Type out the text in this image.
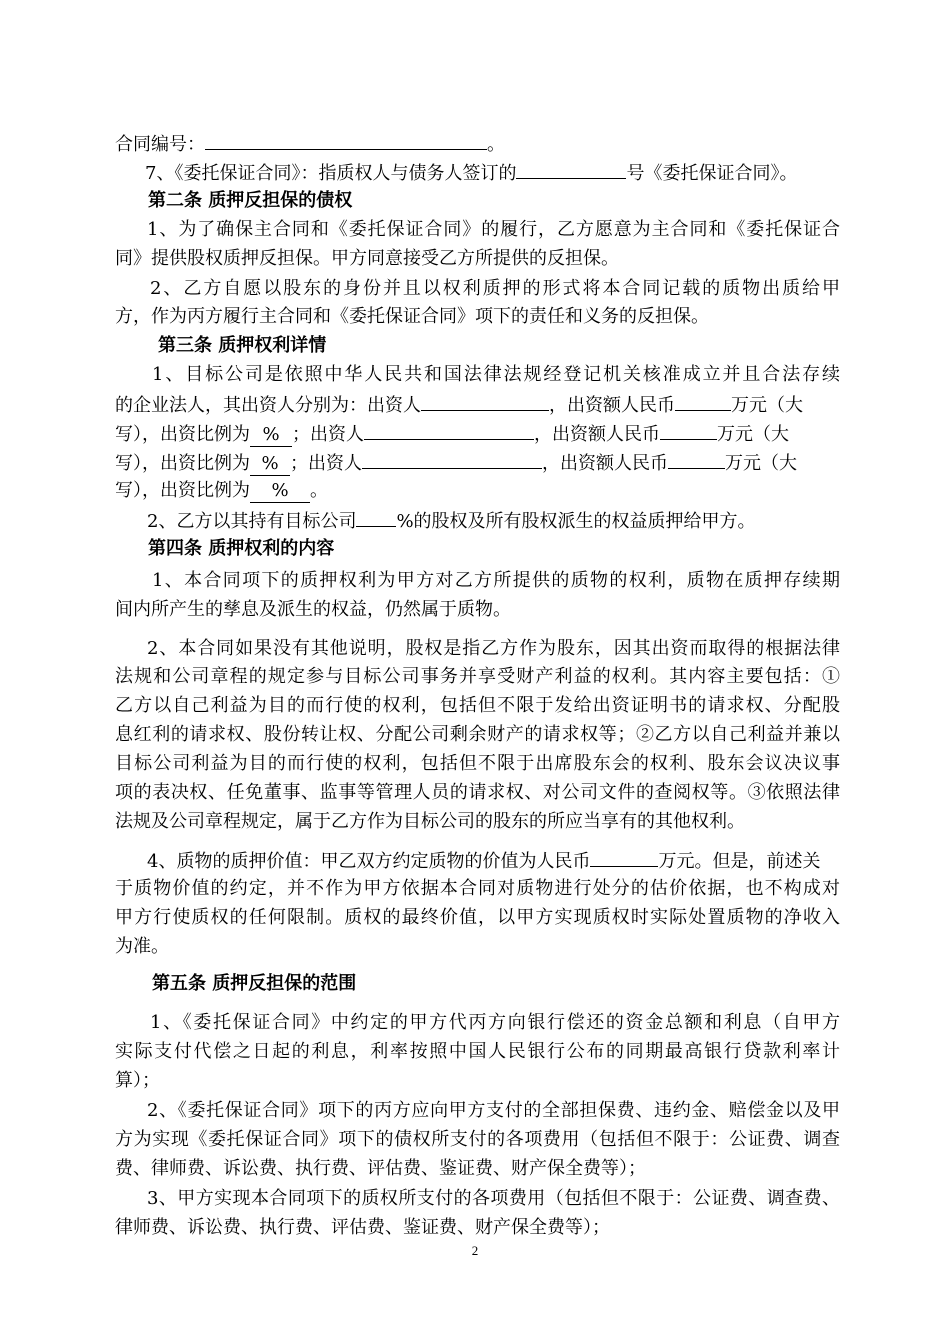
合同编号：	。
7、《委托保证合同》：指质权人与债务人签订的	号《委托保证合同》。
第二条 质押反担保的债权
1、为了确保主合同和《委托保证合同》的履行，乙方愿意为主合同和《委托保证合
同》提供股权质押反担保。甲方同意接受乙方所提供的反担保。
2、乙方自愿以股东的身份并且以权利质押的形式将本合同记载的质物出质给甲
方，作为丙方履行主合同和《委托保证合同》项下的责任和义务的反担保。
第三条 质押权利详情
1、目标公司是依照中华人民共和国法律法规经登记机关核准成立并且合法存续
的企业法人，其出资人分别为：出资人	，出资额人民币	万元（大
写），出资比例为 % ；出资人	，出资额人民币	万元（大
写），出资比例为 % ；出资人	，出资额人民币	万元（大
写），出资比例为 % 。
2、乙方以其持有目标公司 %的股权及所有股权派生的权益质押给甲方。
第四条 质押权利的内容
1、本合同项下的质押权利为甲方对乙方所提供的质物的权利，质物在质押存续期
间内所产生的孳息及派生的权益，仍然属于质物。
2、本合同如果没有其他说明，股权是指乙方作为股东，因其出资而取得的根据法律
法规和公司章程的规定参与目标公司事务并享受财产利益的权利。其内容主要包括：①
乙方以自己利益为目的而行使的权利，包括但不限于发给出资证明书的请求权、分配股
息红利的请求权、股份转让权、分配公司剩余财产的请求权等；②乙方以自己利益并兼以
目标公司利益为目的而行使的权利，包括但不限于出席股东会的权利、股东会议决议事
项的表决权、任免董事、监事等管理人员的请求权、对公司文件的查阅权等。③依照法律
法规及公司章程规定，属于乙方作为目标公司的股东的所应当享有的其他权利。
4、质物的质押价值：甲乙双方约定质物的价值为人民币	万元。但是，前述关
于质物价值的约定，并不作为甲方依据本合同对质物进行处分的估价依据，也不构成对
甲方行使质权的任何限制。质权的最终价值，以甲方实现质权时实际处置质物的净收入
为准。
第五条 质押反担保的范围
1、《委托保证合同》中约定的甲方代丙方向银行偿还的资金总额和利息（自甲方
实际支付代偿之日起的利息，利率按照中国人民银行公布的同期最高银行贷款利率计
算）；
2、《委托保证合同》项下的丙方应向甲方支付的全部担保费、违约金、赔偿金以及甲
方为实现《委托保证合同》项下的债权所支付的各项费用（包括但不限于：公证费、调查
费、律师费、诉讼费、执行费、评估费、鉴证费、财产保全费等）；
3、甲方实现本合同项下的质权所支付的各项费用（包括但不限于：公证费、调查费、
律师费、诉讼费、执行费、评估费、鉴证费、财产保全费等）；
2
